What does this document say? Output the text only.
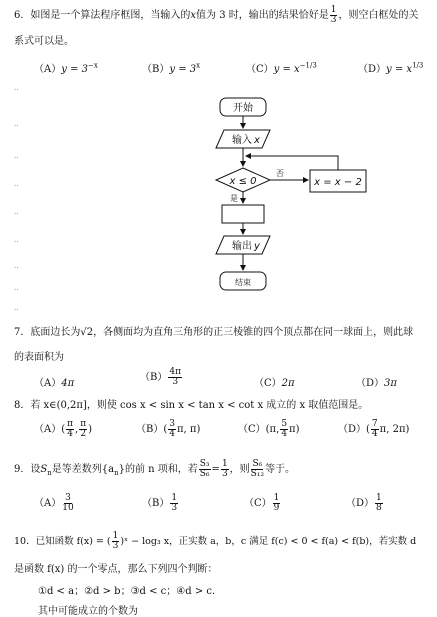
6．如图是一个算法程序框图，当输入的x值为 3 时，输出的结果恰好是 $\frac{1}{3}$ ，则空白框处的关
系式可以是。
$(A)y = 3^{-x}$	$(B)y = 3^x$	$(C)y = x^{-1/3}$	$(D)y = x^{1/3}$
..
..
..
..
..
..
..
..
..
开始
输入 x
x ≤ 0
否
x = x − 2
是
输出 y
结束
7．底面边长为√2，各侧面均为直角三角形的正三棱锥的四个顶点都在同一球面上，则此球
的表面积为
（A）4π
$(B) \frac{4\pi}{3}$	（C）2π	（D）3π
8．若 x∈(0,2π]，则使 cos x < sin x < tan x < cot x 成立的 x 取值范围是。
$(A)( \frac{\pi}{4}$ , $\frac{\pi}{2}$ )	$(B)( \frac{3}{4} \pi$, π)	（C）(π, $\frac{5}{4} \pi$)	$(D)( \frac{7}{4} \pi$, 2π)
9．设$S_n$是等差数列$\{a_n\}$的前 n 项和，若 $\frac{\text{S₃}}{\text{S₆}} = \frac{1}{3}$ ，则 $\frac{\text{S₆}}{\text{S₁₂}}$ 等于。
$(A) \frac{3}{10}$	$(B) \frac{1}{3}$	$(C) \frac{1}{9}$	$(D) \frac{1}{8}$
10．已知函数 f(x) = ( $\frac{1}{3}$ )ˣ − log₃ x，正实数 a，b，c 满足 f(c) < 0 < f(a) < f(b)，若实数 d
是函数 f(x) 的一个零点，那么下列四个判断：
①d < a；②d > b；③d < c；④d > c．
其中可能成立的个数为
